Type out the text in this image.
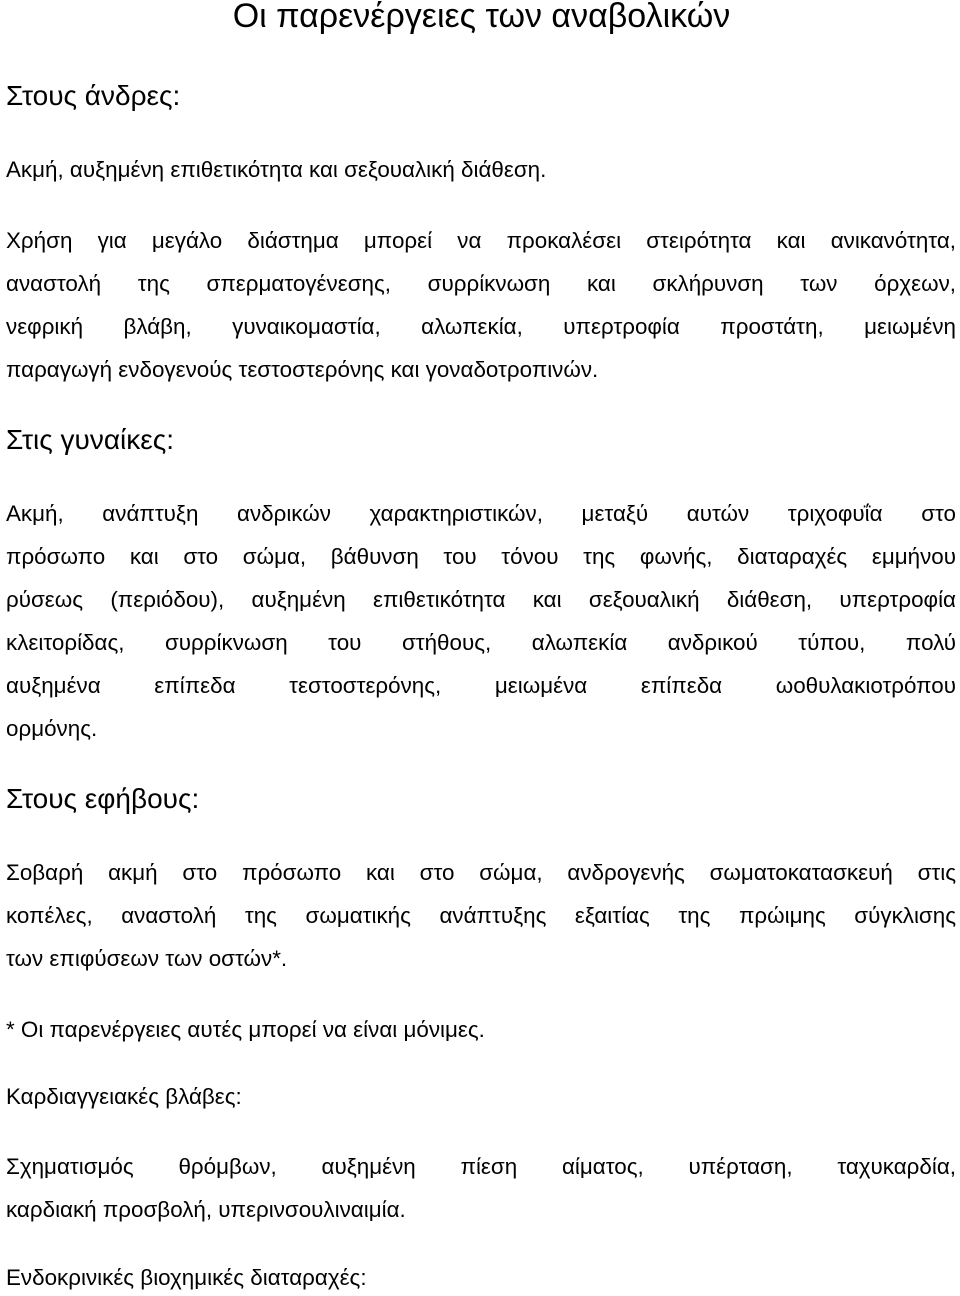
Οι παρενέργειες των αναβολικών
Στους άνδρες:

Ακμή, αυξημένη επιθετικότητα και σεξουαλική διάθεση.

Χρήση για μεγάλο διάστημα μπορεί να προκαλέσει στειρότητα και ανικανότητα,
αναστολή της σπερματογένεσης, συρρίκνωση και σκλήρυνση των όρχεων,
νεφρική βλάβη, γυναικομαστία, αλωπεκία, υπερτροφία προστάτη, μειωμένη
παραγωγή ενδογενούς τεστοστερόνης και γοναδοτροπινών.
Στις γυναίκες:
Ακμή, ανάπτυξη ανδρικών χαρακτηριστικών, μεταξύ αυτών τριχοφυΐα στο
πρόσωπο και στο σώμα, βάθυνση του τόνου της φωνής, διαταραχές εμμήνου
ρύσεως (περιόδου), αυξημένη επιθετικότητα και σεξουαλική διάθεση, υπερτροφία
κλειτορίδας, συρρίκνωση του στήθους, αλωπεκία ανδρικού τύπου, πολύ
αυξημένα επίπεδα τεστοστερόνης, μειωμένα επίπεδα ωοθυλακιοτρόπου
ορμόνης.
Στους εφήβους:
Σοβαρή ακμή στο πρόσωπο και στο σώμα, ανδρογενής σωματοκατασκευή στις
κοπέλες, αναστολή της σωματικής ανάπτυξης εξαιτίας της πρώιμης σύγκλισης
των επιφύσεων των οστών*.

* Οι παρενέργειες αυτές μπορεί να είναι μόνιμες.

Καρδιαγγειακές βλάβες:

Σχηματισμός θρόμβων, αυξημένη πίεση αίματος, υπέρταση, ταχυκαρδία,
καρδιακή προσβολή, υπερινσουλιναιμία.

Ενδοκρινικές βιοχημικές διαταραχές:
